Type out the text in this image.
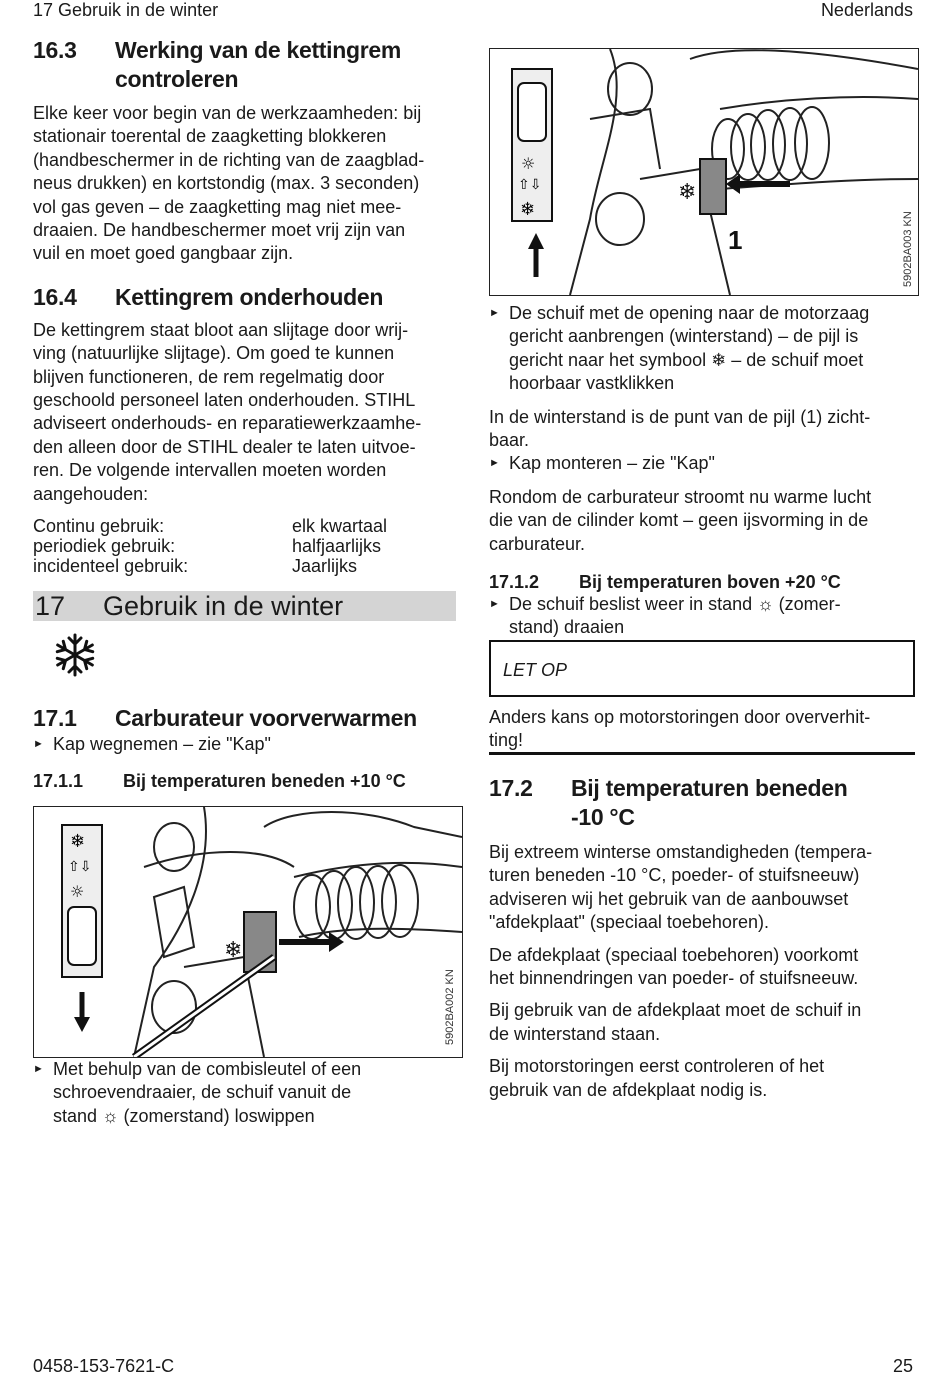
17 Gebruik in de winter	Nederlands
0458-153-7621-C	25
16.3	Werking van de kettingrem
controleren
Elke keer voor begin van de werkzaamheden: bij
stationair toerental de zaagketting blokkeren
(handbeschermer in de richting van de zaagblad-
neus drukken) en kortstondig (max. 3 seconden)
vol gas geven – de zaagketting mag niet mee-
draaien. De handbeschermer moet vrij zijn van
vuil en moet goed gangbaar zijn.
16.4	Kettingrem onderhouden
De kettingrem staat bloot aan slijtage door wrij-
ving (natuurlijke slijtage). Om goed te kunnen
blijven functioneren, de rem regelmatig door
geschoold personeel laten onderhouden. STIHL
adviseert onderhouds- en reparatiewerkzaamhe-
den alleen door de STIHL dealer te laten uitvoe-
ren. De volgende intervallen moeten worden
aangehouden:
Continu gebruik:	elk kwartaal
periodiek gebruik:	halfjaarlijks
incidenteel gebruik:	Jaarlijks
17	Gebruik in de winter
17.1	Carburateur voorverwarmen
► Kap wegnemen – zie "Kap"
17.1.1	Bij temperaturen beneden +10 °C
❄
❄
☼
⇧⇩
5902BA002 KN
► Met behulp van de combisleutel of een
schroevendraaier, de schuif vanuit de
stand ☼ (zomerstand) loswippen
❄
1
☼
⇧⇩
❄
5902BA003 KN
► De schuif met de opening naar de motorzaag
gericht aanbrengen (winterstand) – de pijl is
gericht naar het symbool ❄ – de schuif moet
hoorbaar vastklikken
In de winterstand is de punt van de pijl (1) zicht-
baar.
► Kap monteren – zie "Kap"
Rondom de carburateur stroomt nu warme lucht
die van de cilinder komt – geen ijsvorming in de
carburateur.
17.1.2	Bij temperaturen boven +20 °C
► De schuif beslist weer in stand ☼ (zomer-
stand) draaien
LET OP
Anders kans op motorstoringen door oververhit-
ting!
17.2	Bij temperaturen beneden
-10 °C
Bij extreem winterse omstandigheden (tempera-
turen beneden -10 °C, poeder- of stuifsneeuw)
adviseren wij het gebruik van de aanbouwset
"afdekplaat" (speciaal toebehoren).
De afdekplaat (speciaal toebehoren) voorkomt
het binnendringen van poeder- of stuifsneeuw.
Bij gebruik van de afdekplaat moet de schuif in
de winterstand staan.
Bij motorstoringen eerst controleren of het
gebruik van de afdekplaat nodig is.
